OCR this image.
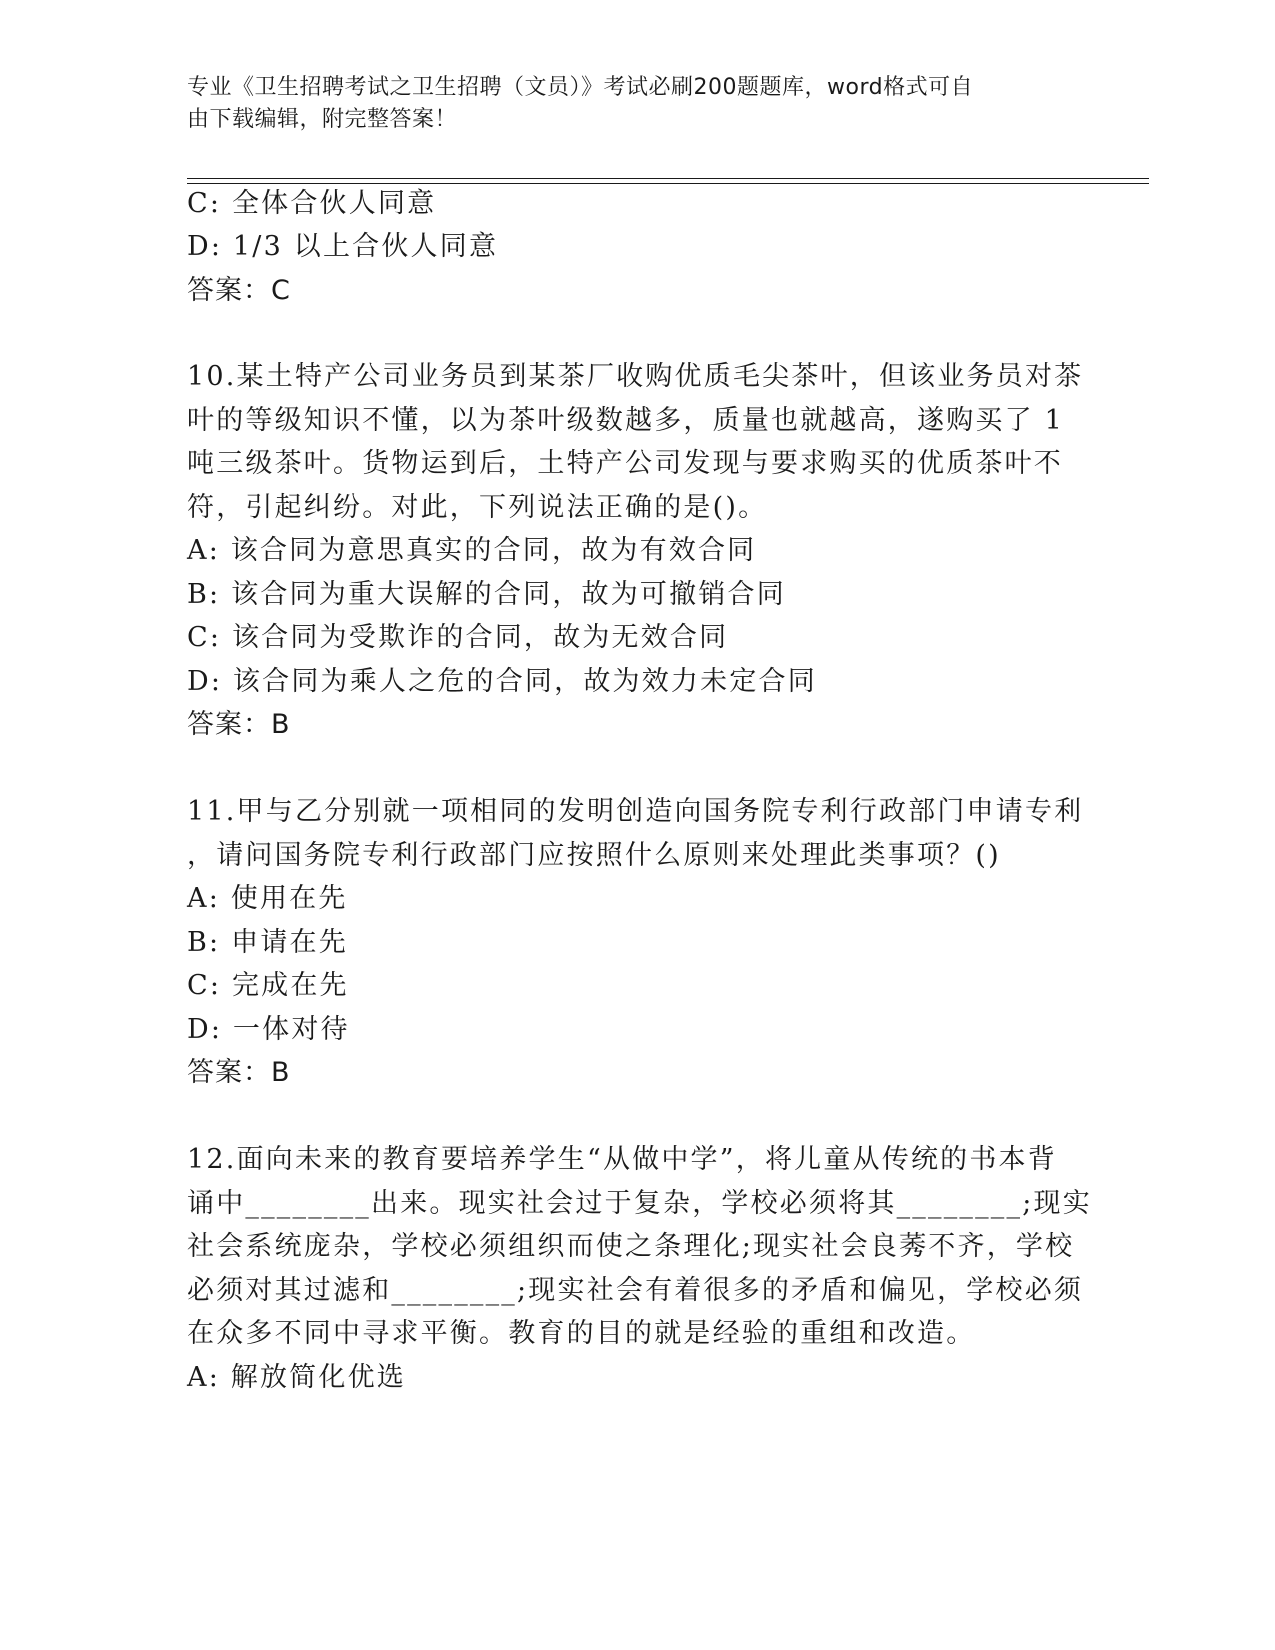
专业《卫生招聘考试之卫生招聘（文员）》考试必刷200题题库，word格式可自
由下载编辑，附完整答案！
C: 全体合伙人同意
D: 1/3 以上合伙人同意
答案：C
10.某土特产公司业务员到某茶厂收购优质毛尖茶叶，但该业务员对茶
叶的等级知识不懂，以为茶叶级数越多，质量也就越高，遂购买了 1
吨三级茶叶。货物运到后，土特产公司发现与要求购买的优质茶叶不
符，引起纠纷。对此，下列说法正确的是()。
A: 该合同为意思真实的合同，故为有效合同
B: 该合同为重大误解的合同，故为可撤销合同
C: 该合同为受欺诈的合同，故为无效合同
D: 该合同为乘人之危的合同，故为效力未定合同
答案：B
11.甲与乙分别就一项相同的发明创造向国务院专利行政部门申请专利
，请问国务院专利行政部门应按照什么原则来处理此类事项？()
A: 使用在先
B: 申请在先
C: 完成在先
D: 一体对待
答案：B
12.面向未来的教育要培养学生“从做中学”，将儿童从传统的书本背
诵中________出来。现实社会过于复杂，学校必须将其________;现实
社会系统庞杂，学校必须组织而使之条理化;现实社会良莠不齐，学校
必须对其过滤和________;现实社会有着很多的矛盾和偏见，学校必须
在众多不同中寻求平衡。教育的目的就是经验的重组和改造。
A: 解放简化优选
